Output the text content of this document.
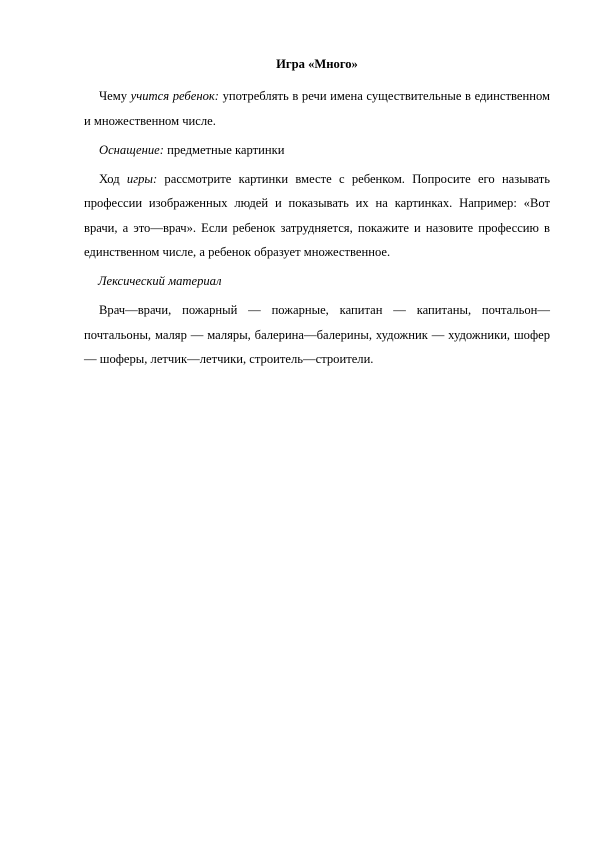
Игра «Много»

Чему учится ребенок: употреблять в речи имена существительные в единственном и множественном числе.

Оснащение: предметные картинки

Ход игры: рассмотрите картинки вместе с ребенком. Попросите его называть профессии изображенных людей и показывать их на картинках. Например: «Вот врачи, а это—врач». Если ребенок затрудняется, покажите и назовите профессию в единственном числе, а ребенок образует множественное.

Лексический материал

Врач—врачи, пожарный — пожарные, капитан — капитаны, почтальон—почтальоны, маляр — маляры, балерина—балерины, художник — художники, шофер — шоферы, летчик—летчики, строитель—строители.
